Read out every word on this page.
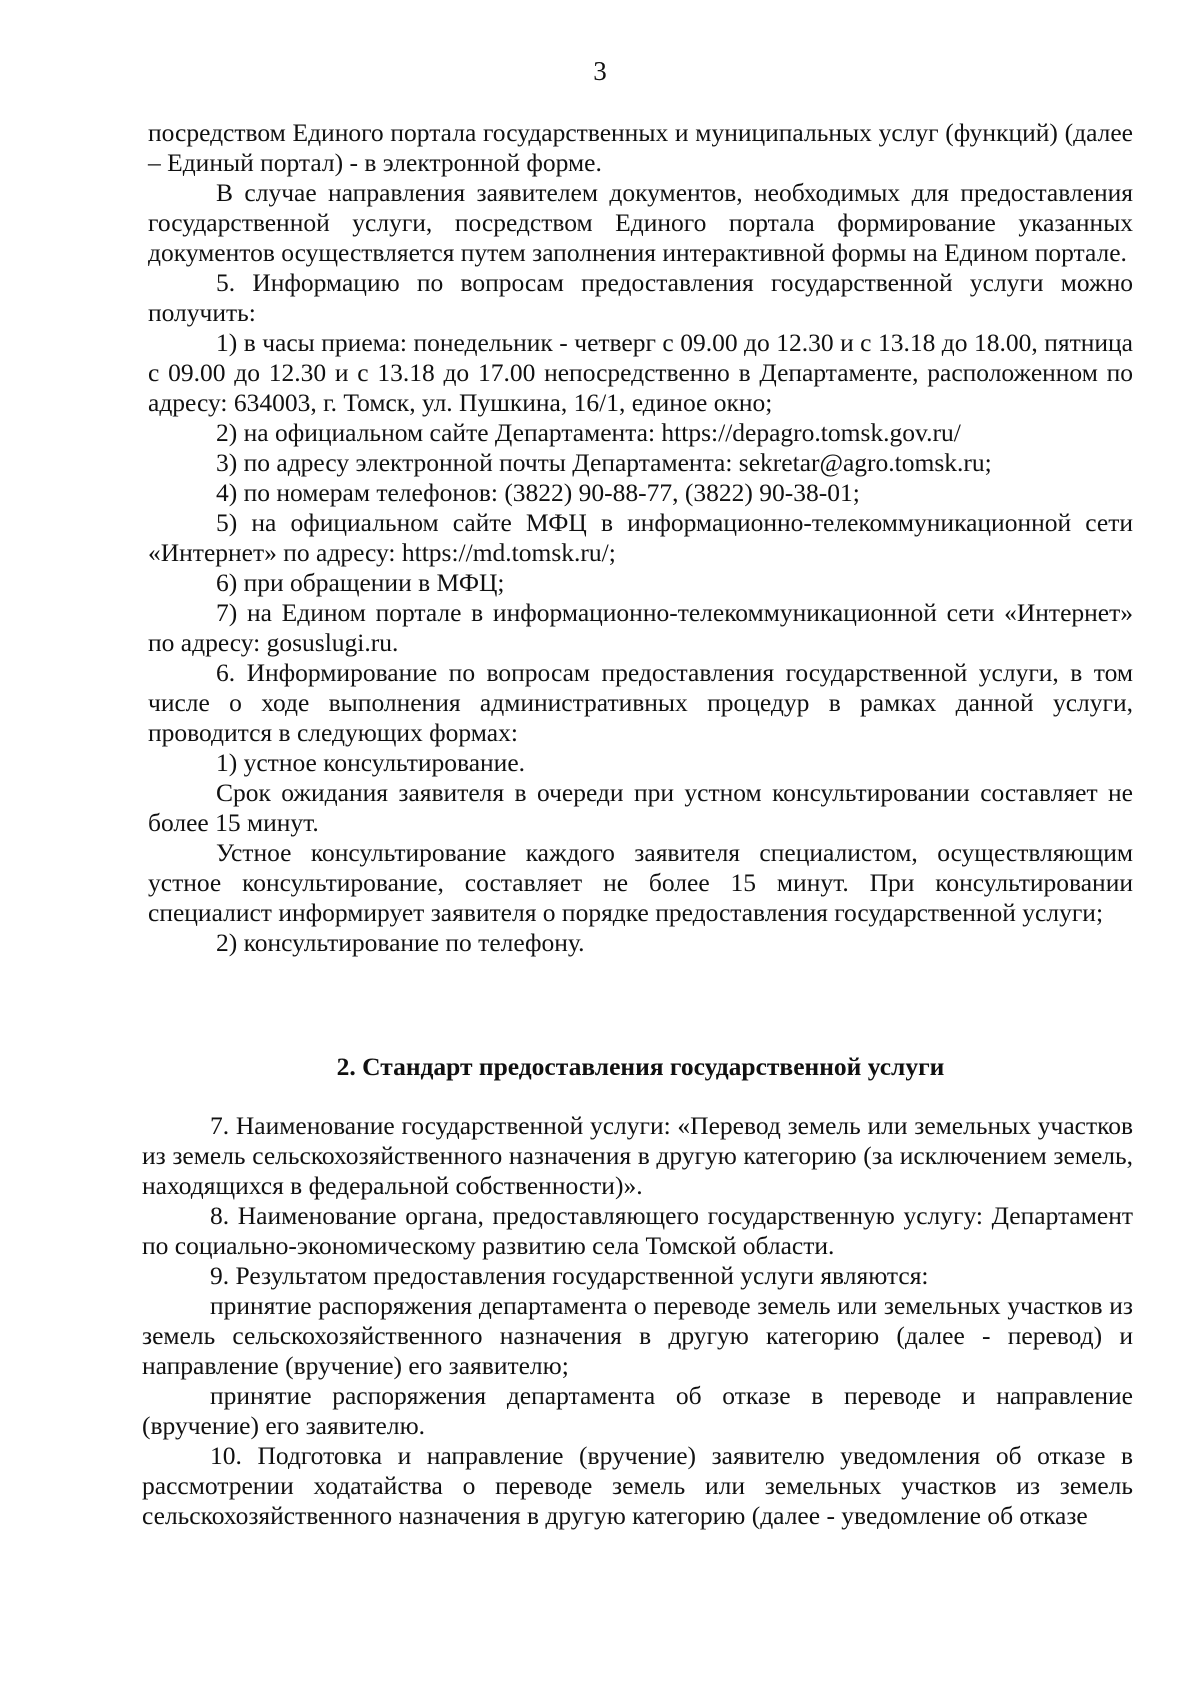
3

посредством Единого портала государственных и муниципальных услуг (функций) (далее – Единый портал) - в электронной форме.

В случае направления заявителем документов, необходимых для предоставления государственной услуги, посредством Единого портала формирование указанных документов осуществляется путем заполнения интерактивной формы на Едином портале.

5. Информацию по вопросам предоставления государственной услуги можно получить:

1) в часы приема: понедельник - четверг с 09.00 до 12.30 и с 13.18 до 18.00, пятница с 09.00 до 12.30 и с 13.18 до 17.00 непосредственно в Департаменте, расположенном по адресу: 634003, г. Томск, ул. Пушкина, 16/1, единое окно;

2) на официальном сайте Департамента: https://depagro.tomsk.gov.ru/

3) по адресу электронной почты Департамента: sekretar@agro.tomsk.ru;

4) по номерам телефонов: (3822) 90-88-77, (3822) 90-38-01;

5) на официальном сайте МФЦ в информационно-телекоммуникационной сети «Интернет» по адресу: https://md.tomsk.ru/;

6) при обращении в МФЦ;

7) на Едином портале в информационно-телекоммуникационной сети «Интернет» по адресу: gosuslugi.ru.

6. Информирование по вопросам предоставления государственной услуги, в том числе о ходе выполнения административных процедур в рамках данной услуги, проводится в следующих формах:

1) устное консультирование.

Срок ожидания заявителя в очереди при устном консультировании составляет не более 15 минут.

Устное консультирование каждого заявителя специалистом, осуществляющим устное консультирование, составляет не более 15 минут. При консультировании специалист информирует заявителя о порядке предоставления государственной услуги;

2) консультирование по телефону.

2. Стандарт предоставления государственной услуги

7. Наименование государственной услуги: «Перевод земель или земельных участков из земель сельскохозяйственного назначения в другую категорию (за исключением земель, находящихся в федеральной собственности)».

8. Наименование органа, предоставляющего государственную услугу: Департамент по социально-экономическому развитию села Томской области.

9. Результатом предоставления государственной услуги являются:

принятие распоряжения департамента о переводе земель или земельных участков из земель сельскохозяйственного назначения в другую категорию (далее - перевод) и направление (вручение) его заявителю;

принятие распоряжения департамента об отказе в переводе и направление (вручение) его заявителю.

10. Подготовка и направление (вручение) заявителю уведомления об отказе в рассмотрении ходатайства о переводе земель или земельных участков из земель сельскохозяйственного назначения в другую категорию (далее - уведомление об отказе
